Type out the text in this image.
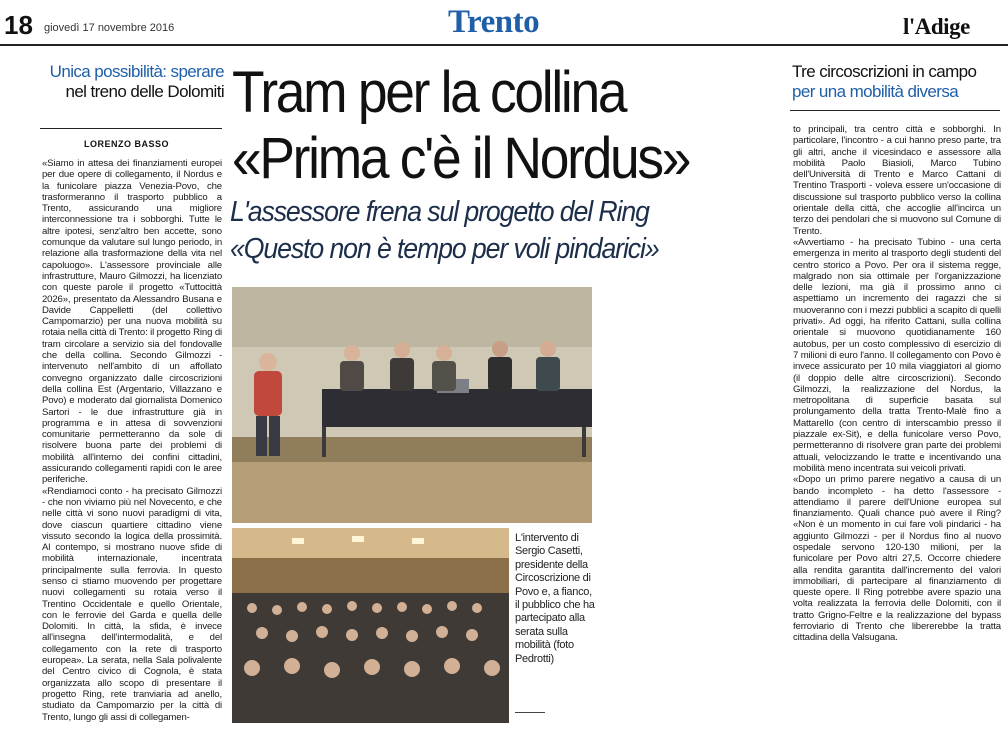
18 giovedì 17 novembre 2016	Trento	l'Adige
Unica possibilità: sperare
nel treno delle Dolomiti
Tre circoscrizioni in campo
per una mobilità diversa
Tram per la collina
«Prima c'è il Nordus»
L'assessore frena sul progetto del Ring
«Questo non è tempo per voli pindarici»
LORENZO BASSO

«Siamo in attesa dei finanziamenti europei per due opere di collegamento, il Nordus e la funicolare piazza Venezia-Povo, che trasformeranno il trasporto pubblico a Trento, assicurando una migliore interconnessione tra i sobborghi. Tutte le altre ipotesi, senz'altro ben accette, sono comunque da valutare sul lungo periodo, in relazione alla trasformazione della vita nel capoluogo». L'assessore provinciale alle infrastrutture, Mauro Gilmozzi, ha licenziato con queste parole il progetto «Tuttocittà 2026», presentato da Alessandro Busana e Davide Cappelletti (del collettivo Campomarzio) per una nuova mobilità su rotaia nella città di Trento: il progetto Ring di tram circolare a servizio sia del fondovalle che della collina. Secondo Gilmozzi - intervenuto nell'ambito di un affollato convegno organizzato dalle circoscrizioni della collina Est (Argentario, Villazzano e Povo) e moderato dal giornalista Domenico Sartori - le due infrastrutture già in programma e in attesa di sovvenzioni comunitarie permetteranno da sole di risolvere buona parte dei problemi di mobilità all'interno dei confini cittadini, assicurando collegamenti rapidi con le aree periferiche.

«Rendiamoci conto - ha precisato Gilmozzi - che non viviamo più nel Novecento, e che nelle città vi sono nuovi paradigmi di vita, dove ciascun quartiere cittadino viene vissuto secondo la logica della prossimità. Al contempo, si mostrano nuove sfide di mobilità internazionale, incentrata principalmente sulla ferrovia. In questo senso ci stiamo muovendo per progettare nuovi collegamenti su rotaia verso il Trentino Occidentale e quello Orientale, con le ferrovie del Garda e quella delle Dolomiti. In città, la sfida, è invece all'insegna dell'intermodalità, e del collegamento con la rete di trasporto europea». La serata, nella Sala polivalente del Centro civico di Cognola, è stata organizzata allo scopo di presentare il progetto Ring, rete tranviaria ad anello, studiato da Campomarzio per la città di Trento, lungo gli assi di collegamen-

to principali, tra centro città e sobborghi. In particolare, l'incontro - a cui hanno preso parte, tra gli altri, anche il vicesindaco e assessore alla mobilità Paolo Biasioli, Marco Tubino dell'Università di Trento e Marco Cattani di Trentino Trasporti - voleva essere un'occasione di discussione sul trasporto pubblico verso la collina orientale della città, che accoglie all'incirca un terzo dei pendolari che si muovono sul Comune di Trento.

«Avvertiamo - ha precisato Tubino - una certa emergenza in merito al trasporto degli studenti del centro storico a Povo. Per ora il sistema regge, malgrado non sia ottimale per l'organizzazione delle lezioni, ma già il prossimo anno ci aspettiamo un incremento dei ragazzi che si muoveranno con i mezzi pubblici a scapito di quelli privati». Ad oggi, ha riferito Cattani, sulla collina orientale si muovono quotidianamente 160 autobus, per un costo complessivo di esercizio di 7 milioni di euro l'anno. Il collegamento con Povo è invece assicurato per 10 mila viaggiatori al giorno (il doppio delle altre circoscrizioni). Secondo Gilmozzi, la realizzazione del Nordus, la metropolitana di superficie basata sul prolungamento della tratta Trento-Malè fino a Mattarello (con centro di interscambio presso il piazzale ex-Sit), e della funicolare verso Povo, permetteranno di risolvere gran parte dei problemi attuali, velocizzando le tratte e incentivando una mobilità meno incentrata sui veicoli privati.

«Dopo un primo parere negativo a causa di un bando incompleto - ha detto l'assessore - attendiamo il parere dell'Unione europea sul finanziamento. Quali chance può avere il Ring? «Non è un momento in cui fare voli pindarici - ha aggiunto Gilmozzi - per il Nordus fino al nuovo ospedale servono 120-130 milioni, per la funicolare per Povo altri 27,5. Occorre chiedere alla rendita garantita dall'incremento del valori immobiliari, di partecipare al finanziamento di queste opere. Il Ring potrebbe avere spazio una volta realizzata la ferrovia delle Dolomiti, con il tratto Grigno-Feltre e la realizzazione del bypass ferroviario di Trento che libererebbe la tratta cittadina della Valsugana.

L'intervento di Sergio Casetti, presidente della Circoscrizione di Povo e, a fianco, il pubblico che ha partecipato alla serata sulla mobilità (foto Pedrotti)
